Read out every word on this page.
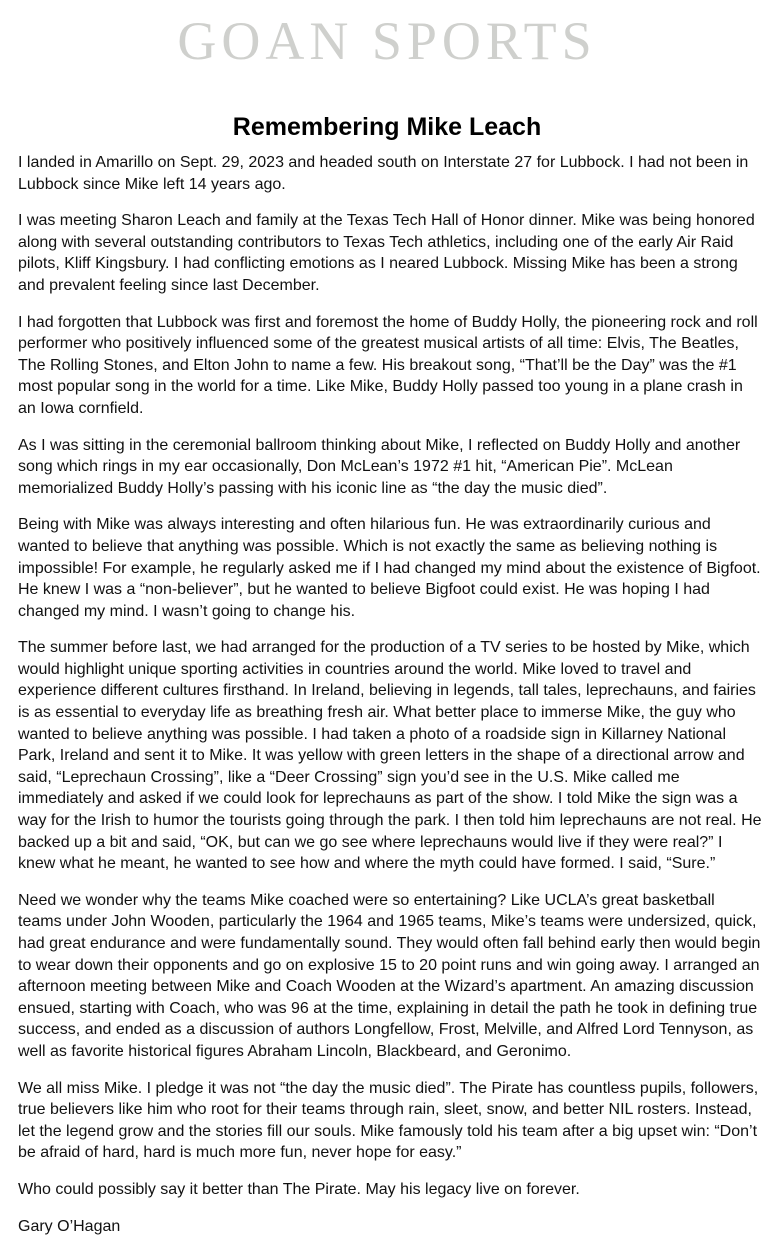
GOAN SPORTS
Remembering Mike Leach

I landed in Amarillo on Sept. 29, 2023 and headed south on Interstate 27 for Lubbock. I had not been in Lubbock since Mike left 14 years ago.

I was meeting Sharon Leach and family at the Texas Tech Hall of Honor dinner. Mike was being honored along with several outstanding contributors to Texas Tech athletics, including one of the early Air Raid pilots, Kliff Kingsbury. I had conflicting emotions as I neared Lubbock. Missing Mike has been a strong and prevalent feeling since last December.

I had forgotten that Lubbock was first and foremost the home of Buddy Holly, the pioneering rock and roll performer who positively influenced some of the greatest musical artists of all time: Elvis, The Beatles, The Rolling Stones, and Elton John to name a few. His breakout song, “That’ll be the Day” was the #1 most popular song in the world for a time. Like Mike, Buddy Holly passed too young in a plane crash in an Iowa cornfield.

As I was sitting in the ceremonial ballroom thinking about Mike, I reflected on Buddy Holly and another song which rings in my ear occasionally, Don McLean’s 1972 #1 hit, “American Pie”. McLean memorialized Buddy Holly’s passing with his iconic line as “the day the music died”.

Being with Mike was always interesting and often hilarious fun. He was extraordinarily curious and wanted to believe that anything was possible. Which is not exactly the same as believing nothing is impossible! For example, he regularly asked me if I had changed my mind about the existence of Bigfoot. He knew I was a “non-believer”, but he wanted to believe Bigfoot could exist. He was hoping I had changed my mind. I wasn’t going to change his.

The summer before last, we had arranged for the production of a TV series to be hosted by Mike, which would highlight unique sporting activities in countries around the world. Mike loved to travel and experience different cultures firsthand. In Ireland, believing in legends, tall tales, leprechauns, and fairies is as essential to everyday life as breathing fresh air. What better place to immerse Mike, the guy who wanted to believe anything was possible. I had taken a photo of a roadside sign in Killarney National Park, Ireland and sent it to Mike. It was yellow with green letters in the shape of a directional arrow and said, “Leprechaun Crossing”, like a “Deer Crossing” sign you’d see in the U.S. Mike called me immediately and asked if we could look for leprechauns as part of the show. I told Mike the sign was a way for the Irish to humor the tourists going through the park. I then told him leprechauns are not real. He backed up a bit and said, “OK, but can we go see where leprechauns would live if they were real?” I knew what he meant, he wanted to see how and where the myth could have formed. I said, “Sure.”

Need we wonder why the teams Mike coached were so entertaining? Like UCLA’s great basketball teams under John Wooden, particularly the 1964 and 1965 teams, Mike’s teams were undersized, quick, had great endurance and were fundamentally sound. They would often fall behind early then would begin to wear down their opponents and go on explosive 15 to 20 point runs and win going away. I arranged an afternoon meeting between Mike and Coach Wooden at the Wizard’s apartment. An amazing discussion ensued, starting with Coach, who was 96 at the time, explaining in detail the path he took in defining true success, and ended as a discussion of authors Longfellow, Frost, Melville, and Alfred Lord Tennyson, as well as favorite historical figures Abraham Lincoln, Blackbeard, and Geronimo.

We all miss Mike. I pledge it was not “the day the music died”. The Pirate has countless pupils, followers, true believers like him who root for their teams through rain, sleet, snow, and better NIL rosters. Instead, let the legend grow and the stories fill our souls. Mike famously told his team after a big upset win: “Don’t be afraid of hard, hard is much more fun, never hope for easy.”

Who could possibly say it better than The Pirate. May his legacy live on forever.

Gary O’Hagan
